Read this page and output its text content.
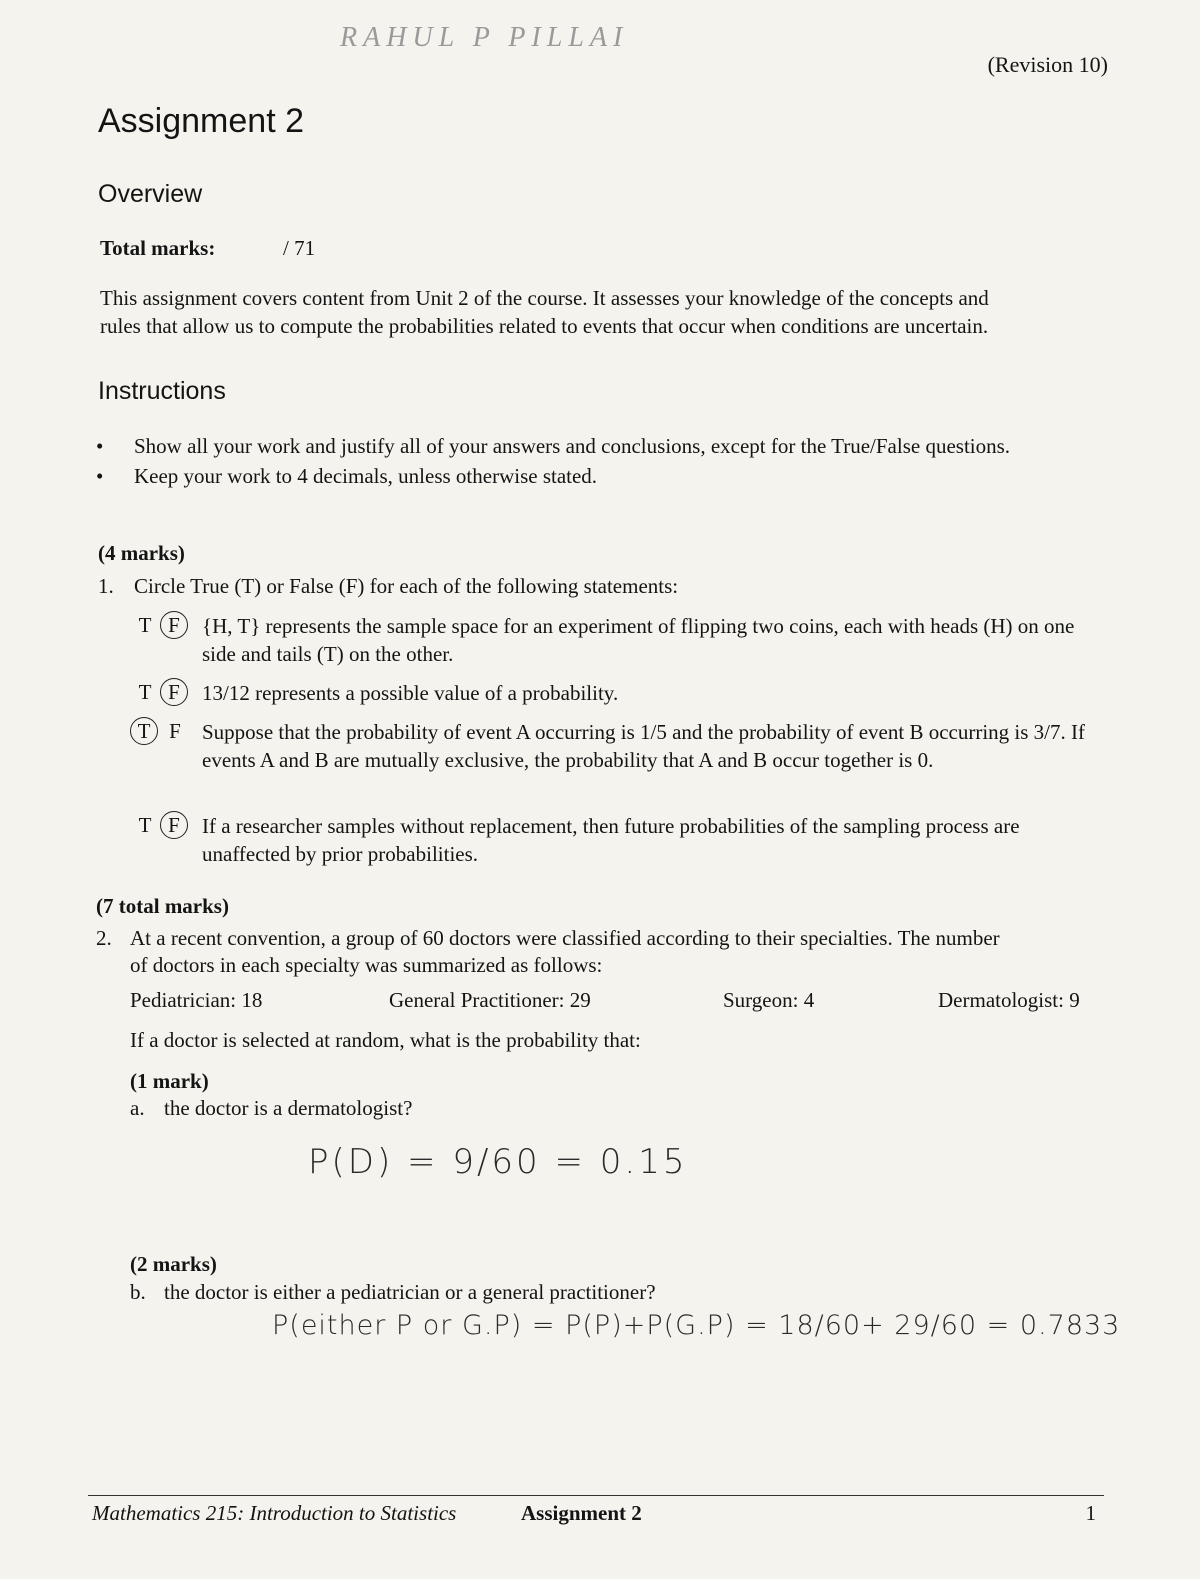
RAHUL P PILLAI
(Revision 10)
Assignment 2
Overview
Total marks:	/ 71
This assignment covers content from Unit 2 of the course. It assesses your knowledge of the concepts and
rules that allow us to compute the probabilities related to events that occur when conditions are uncertain.
Instructions
• Show all your work and justify all of your answers and conclusions, except for the True/False questions.
• Keep your work to 4 decimals, unless otherwise stated.
(4 marks)
1. Circle True (T) or False (F) for each of the following statements:
T F	{H, T} represents the sample space for an experiment of flipping two coins, each with heads (H) on one side and tails (T) on the other.
T F	13/12 represents a possible value of a probability.
T F	Suppose that the probability of event A occurring is 1/5 and the probability of event B occurring is 3/7. If events A and B are mutually exclusive, the probability that A and B occur together is 0.
T F	If a researcher samples without replacement, then future probabilities of the sampling process are unaffected by prior probabilities.
(7 total marks)
2. At a recent convention, a group of 60 doctors were classified according to their specialties. The number
of doctors in each specialty was summarized as follows:
Pediatrician: 18	General Practitioner: 29	Surgeon: 4	Dermatologist: 9
If a doctor is selected at random, what is the probability that:
(1 mark)
a. the doctor is a dermatologist?
P(D) = 9/60 = 0.15
(2 marks)
b. the doctor is either a pediatrician or a general practitioner?
P(either P or G.P) = P(P)+P(G.P) = 18/60+ 29/60 = 0.7833
Mathematics 215: Introduction to Statistics	Assignment 2	1
